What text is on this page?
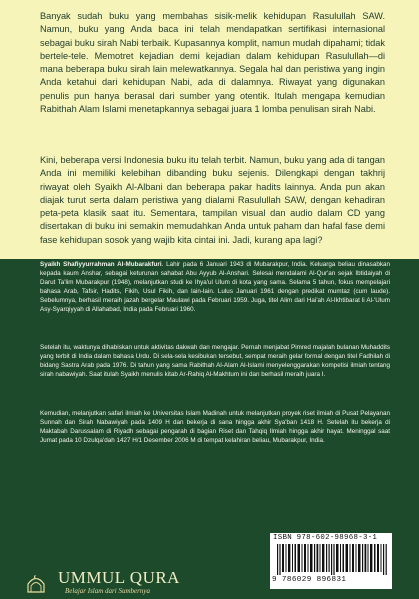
Banyak sudah buku yang membahas sisik-melik kehidupan Rasulullah SAW. Namun, buku yang Anda baca ini telah mendapatkan sertifikasi internasional sebagai buku sirah Nabi terbaik. Kupasannya komplit, namun mudah dipahami; tidak bertele-tele. Memotret kejadian demi kejadian dalam kehidupan Rasulullah—di mana beberapa buku sirah lain melewatkannya. Segala hal dan peristiwa yang ingin Anda ketahui dari kehidupan Nabi, ada di dalamnya. Riwayat yang digunakan penulis pun hanya berasal dari sumber yang otentik. Itulah mengapa kemudian Rabithah Alam Islami menetapkannya sebagai juara 1 lomba penulisan sirah Nabi.

Kini, beberapa versi Indonesia buku itu telah terbit. Namun, buku yang ada di tangan Anda ini memiliki kelebihan dibanding buku sejenis. Dilengkapi dengan takhrij riwayat oleh Syaikh Al-Albani dan beberapa pakar hadits lainnya. Anda pun akan diajak turut serta dalam peristiwa yang dialami Rasulullah SAW, dengan kehadiran peta-peta klasik saat itu. Sementara, tampilan visual dan audio dalam CD yang disertakan di buku ini semakin memudahkan Anda untuk paham dan hafal fase demi fase kehidupan sosok yang wajib kita cintai ini. Jadi, kurang apa lagi?

Syaikh Shafiyyurrahman Al-Mubarakfuri. Lahir pada 6 Januari 1943 di Mubarakpur, India. Keluarga beliau dinasabkan kepada kaum Anshar, sebagai keturunan sahabat Abu Ayyub Al-Anshari. Selesai mendalami Al-Qur'an sejak Ibtidaiyah di Darut Ta'lim Mubarakpur (1948), melanjutkan studi ke Ihya'ul Ulum di kota yang sama. Selama 5 tahun, fokus mempelajari bahasa Arab, Tafsir, Hadits, Fikih, Usul Fikih, dan lain-lain. Lulus Januari 1961 dengan predikat mumtaz (cum laude). Sebelumnya, berhasil meraih jazah bergelar Maulawi pada Februari 1959. Juga, titel Alim dari Hai'ah Al-Ikhtibarat li Al-'Ulum Asy-Syarqiyyah di Allahabad, India pada Februari 1960.

Setelah itu, waktunya dihabiskan untuk aktivitas dakwah dan mengajar. Pernah menjabat Pimred majalah bulanan Muhaddits yang terbit di India dalam bahasa Urdu. Di sela-sela kesibukan tersebut, sempat meraih gelar formal dengan titel Fadhilah di bidang Sastra Arab pada 1976. Di tahun yang sama Rabithah Al-Alam Al-Islami menyelenggarakan kompetisi ilmiah tentang sirah nabawiyah. Saat itulah Syaikh menulis kitab Ar-Rahiq Al-Makhtum ini dan berhasil meraih juara I.

Kemudian, melanjutkan safari ilmiah ke Universitas Islam Madinah untuk melanjutkan proyek riset ilmiah di Pusat Pelayanan Sunnah dan Sirah Nabawiyah pada 1409 H dan bekerja di sana hingga akhir Sya'ban 1418 H. Setelah itu bekerja di Maktabah Darussalam di Riyadh sebagai pengarah di bagian Riset dan Tahqiq Ilmiah hingga akhir hayat. Meninggal saat Jumat pada 10 Dzulqa'dah 1427 H/1 Desember 2006 M di tempat kelahiran beliau, Mubarakpur, India.

UMMUL QURA
Belajar Islam dari Sumbernya
ISBN 978-602-98968-3-1
9 786029 896831
